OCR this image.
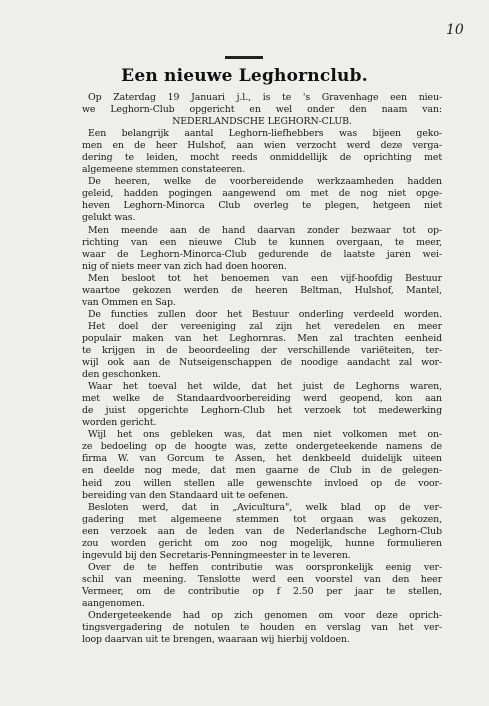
10
Een nieuwe Leghornclub.
Op Zaterdag 19 Januari j.l., is te 's Gravenhage een nieu-
we Leghorn-Club opgericht en wel onder den naam van:
NEDERLANDSCHE LEGHORN-CLUB.
Een belangrijk aantal Leghorn-liefhebbers was bijeen geko-
men en de heer Hulshof, aan wien verzocht werd deze verga-
dering te leiden, mocht reeds onmiddellijk de oprichting met
algemeene stemmen constateeren.
De heeren, welke de voorbereidende werkzaamheden hadden
geleid, hadden pogingen aangewend om met de nog niet opge-
heven Leghorn-Minorca Club overleg te plegen, hetgeen niet
gelukt was.
Men meende aan de hand daarvan zonder bezwaar tot op-
richting van een nieuwe Club te kunnen overgaan, te meer,
waar de Leghorn-Minorca-Club gedurende de laatste jaren wei-
nig of niets meer van zich had doen hooren.
Men besloot tot het benoemen van een vijf-hoofdig Bestuur
waartoe gekozen werden de heeren Beltman, Hulshof, Mantel,
van Ommen en Sap.
De functies zullen door het Bestuur onderling verdeeld worden.
Het doel der vereeniging zal zijn het veredelen en meer
populair maken van het Leghornras. Men zal trachten eenheid
te krijgen in de beoordeeling der verschillende variëteiten, ter-
wijl ook aan de Nutseigenschappen de noodige aandacht zal wor-
den geschonken.
Waar het toeval het wilde, dat het juist de Leghorns waren,
met welke de Standaardvoorbereiding werd geopend, kon aan
de juist opgerichte Leghorn-Club het verzoek tot medewerking
worden gericht.
Wijl het ons gebleken was, dat men niet volkomen met on-
ze bedoeling op de hoogte was, zette ondergeteekende namens de
firma W. van Gorcum te Assen, het denkbeeld duidelijk uiteen
en deelde nog mede, dat men gaarne de Club in de gelegen-
heid zou willen stellen alle gewenschte invloed op de voor-
bereiding van den Standaard uit te oefenen.
Besloten werd, dat in „Avicultura", welk blad op de ver-
gadering met algemeene stemmen tot orgaan was gekozen,
een verzoek aan de leden van de Nederlandsche Leghorn-Club
zou worden gericht om zoo nog mogelijk, hunne formulieren
ingevuld bij den Secretaris-Penningmeester in te leveren.
Over de te heffen contributie was oorspronkelijk eenig ver-
schil van meening. Tenslotte werd een voorstel van den heer
Vermeer, om de contributie op f 2.50 per jaar te stellen,
aangenomen.
Ondergeteekende had op zich genomen om voor deze oprich-
tingsvergadering de notulen te houden en verslag van het ver-
loop daarvan uit te brengen, waaraan wij hierbij voldoen.
